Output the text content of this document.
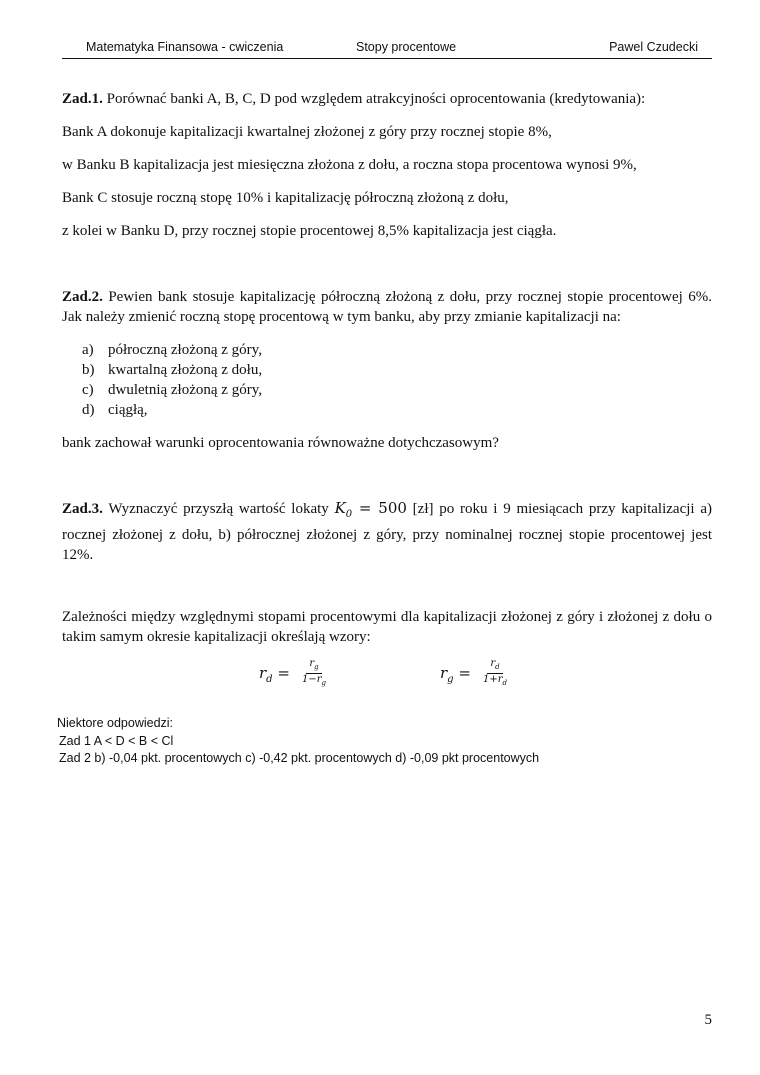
Matematyka Finansowa - cwiczenia	Stopy procentowe	Pawel Czudecki
Zad.1. Porównać banki A, B, C, D pod względem atrakcyjności oprocentowania (kredytowania):
Bank A dokonuje kapitalizacji kwartalnej złożonej z góry przy rocznej stopie 8%,
w Banku B kapitalizacja jest miesięczna złożona z dołu, a roczna stopa procentowa wynosi 9%,
Bank C stosuje roczną stopę 10% i kapitalizację półroczną złożoną z dołu,
z kolei w Banku D, przy rocznej stopie procentowej 8,5% kapitalizacja jest ciągła.

Zad.2. Pewien bank stosuje kapitalizację półroczną złożoną z dołu, przy rocznej stopie procentowej 6%. Jak należy zmienić roczną stopę procentową w tym banku, aby przy zmianie kapitalizacji na:

a) półroczną złożoną z góry,
b) kwartalną złożoną z dołu,
c) dwuletnią złożoną z góry,
d) ciągłą,
bank zachował warunki oprocentowania równoważne dotychczasowym?

Zad.3. Wyznaczyć przyszłą wartość lokaty $K_0 = 500$ [zł] po roku i 9 miesiącach przy kapitalizacji a) rocznej złożonej z dołu, b) półrocznej złożonej z góry, przy nominalnej rocznej stopie procentowej jest 12%.

Zależności między względnymi stopami procentowymi dla kapitalizacji złożonej z góry i złożonej z dołu o takim samym okresie kapitalizacji określają wzory:

$r_d = \frac{r_g}{1-r_g}$	$r_g = \frac{r_d}{1+r_d}$
Niektore odpowiedzi:
Zad 1 A < D < B < Cl
Zad 2 b) -0,04 pkt. procentowych c) -0,42 pkt. procentowych d) -0,09 pkt procentowych
5
